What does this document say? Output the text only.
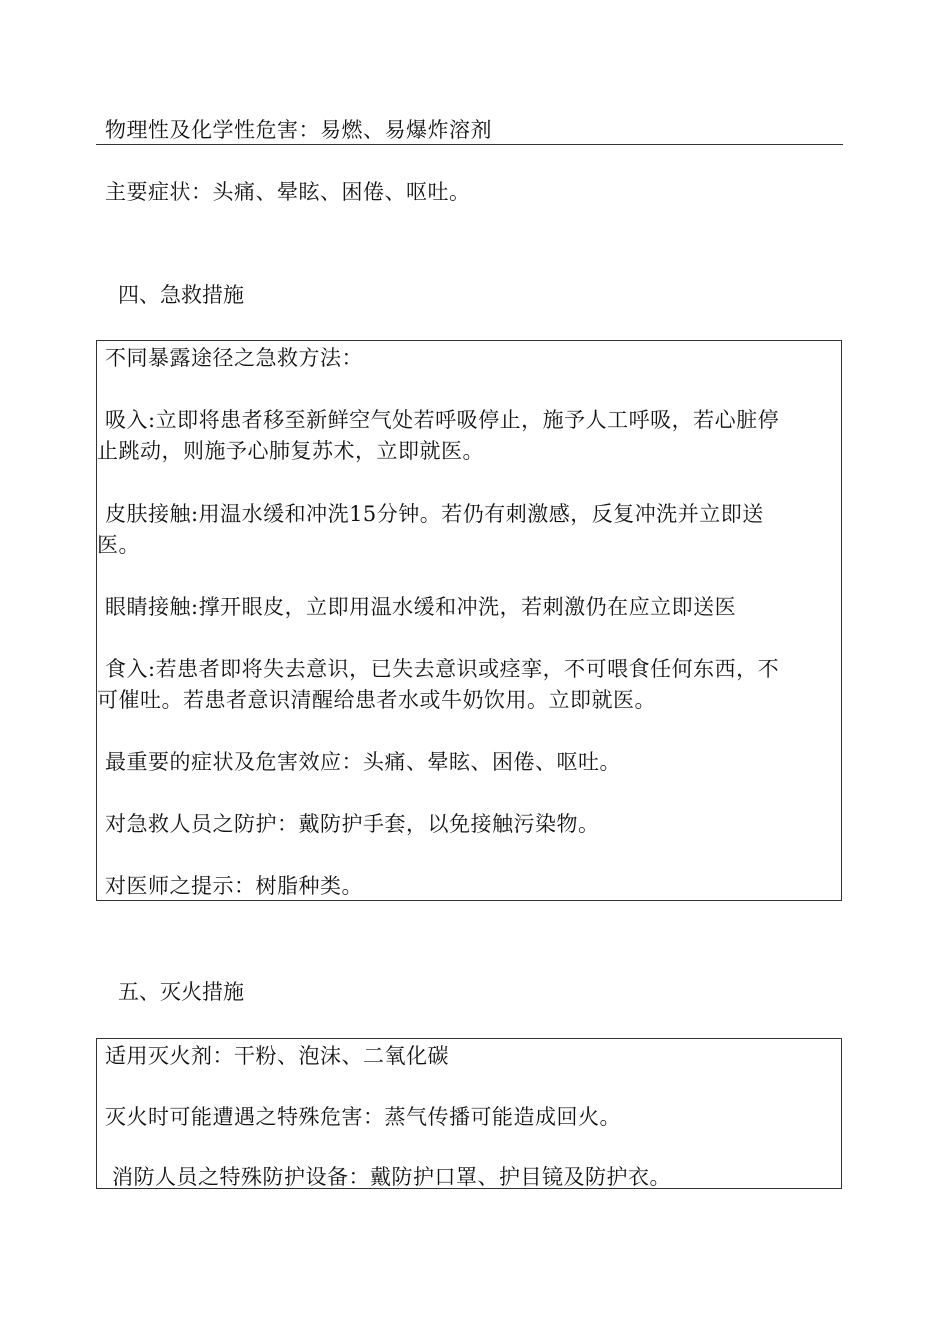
物理性及化学性危害：易燃、易爆炸溶剂
主要症状：头痛、晕眩、困倦、呕吐。
四、急救措施
不同暴露途径之急救方法：
吸入:立即将患者移至新鲜空气处若呼吸停止，施予人工呼吸，若心脏停
止跳动，则施予心肺复苏术，立即就医。
皮肤接触:用温水缓和冲洗15分钟。若仍有刺激感，反复冲洗并立即送
医。
眼睛接触:撑开眼皮，立即用温水缓和冲洗，若刺激仍在应立即送医
食入:若患者即将失去意识，已失去意识或痉挛，不可喂食任何东西，不
可催吐。若患者意识清醒给患者水或牛奶饮用。立即就医。
最重要的症状及危害效应：头痛、晕眩、困倦、呕吐。
对急救人员之防护：戴防护手套，以免接触污染物。
对医师之提示：树脂种类。
五、灭火措施
适用灭火剂：干粉、泡沫、二氧化碳
灭火时可能遭遇之特殊危害：蒸气传播可能造成回火。
消防人员之特殊防护设备：戴防护口罩、护目镜及防护衣。
